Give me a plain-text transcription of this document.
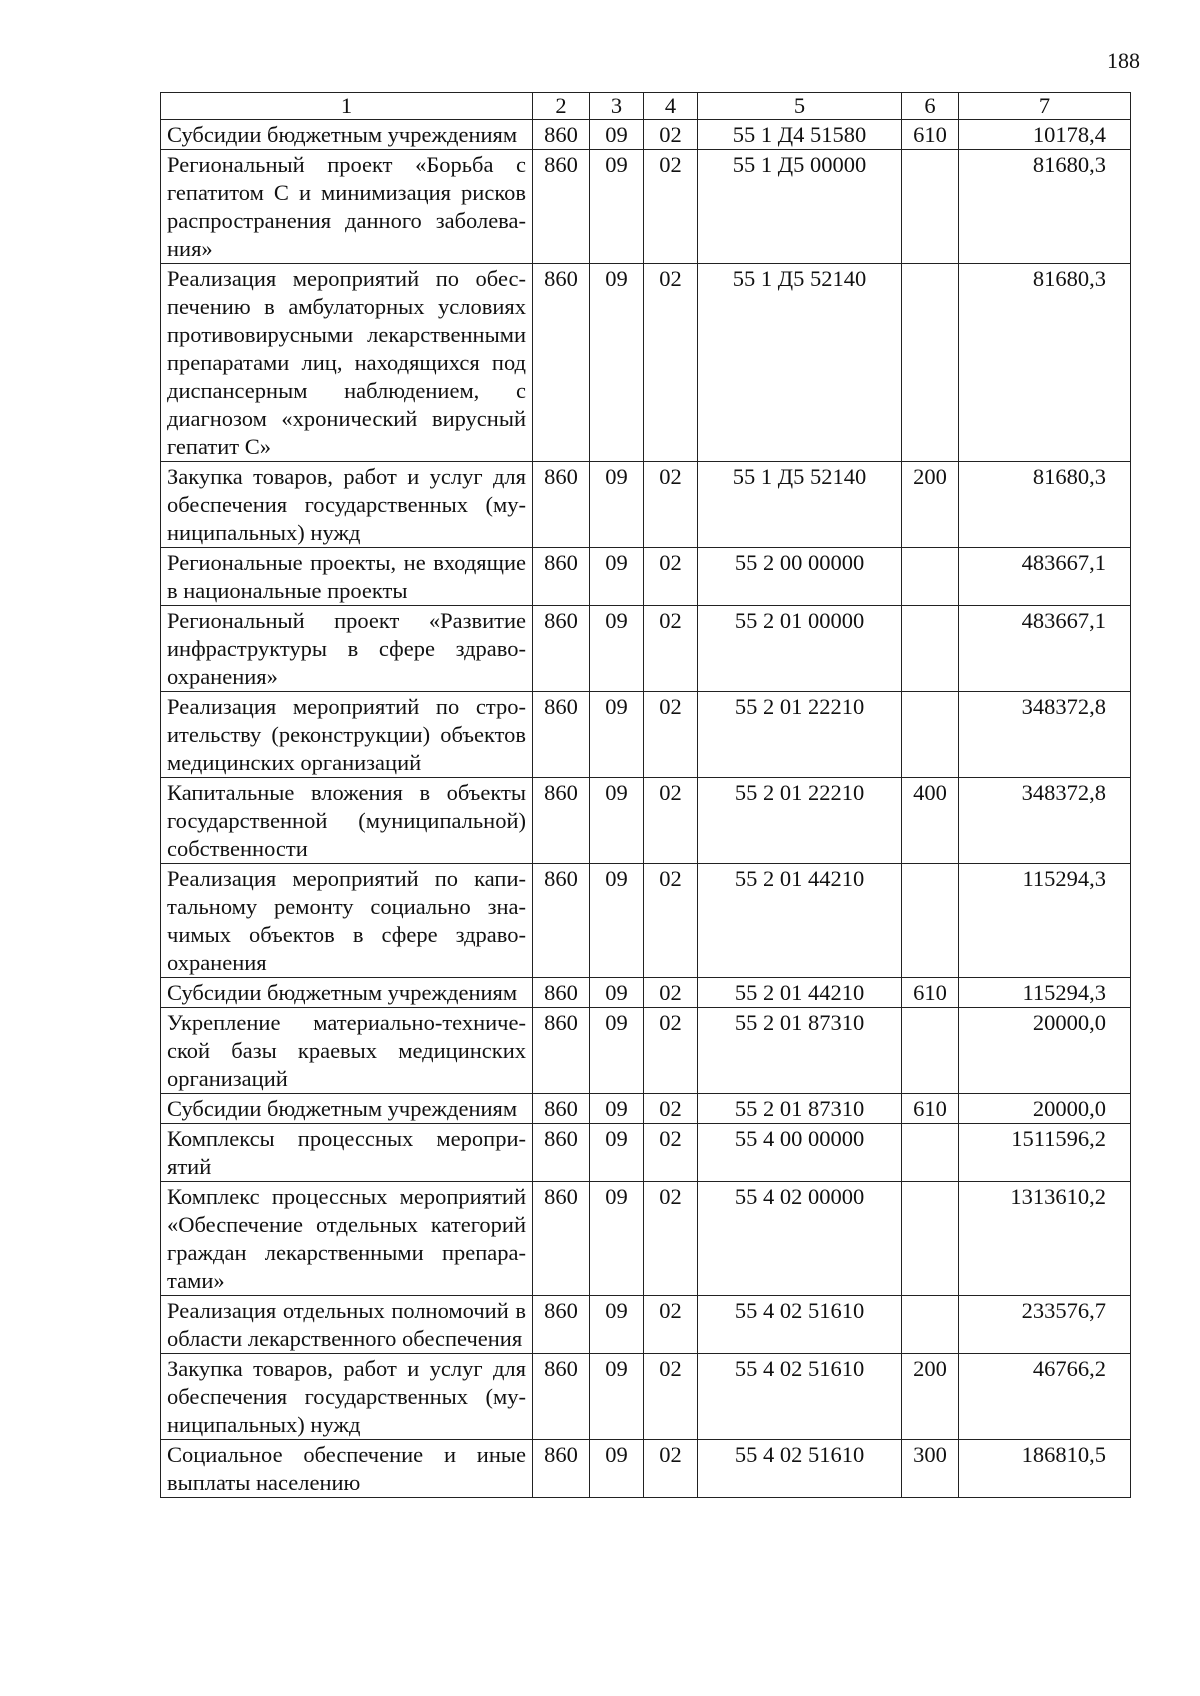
188
1	2	3	4	5	6	7
Субсидии бюджетным учреждениям	860	09	02	55 1 Д4 51580	610	10178,4
Региональный проект «Борьба с гепатитом С и минимизация рисков распространения данного заболевания»	860	09	02	55 1 Д5 00000		81680,3
Реализация мероприятий по обеспечению в амбулаторных условиях противовирусными лекарственными препаратами лиц, находящихся под диспансерным наблюдением, с диагнозом «хронический вирусный гепатит С»	860	09	02	55 1 Д5 52140		81680,3
Закупка товаров, работ и услуг для обеспечения государственных (муниципальных) нужд	860	09	02	55 1 Д5 52140	200	81680,3
Региональные проекты, не входящие в национальные проекты	860	09	02	55 2 00 00000		483667,1
Региональный проект «Развитие инфраструктуры в сфере здравоохранения»	860	09	02	55 2 01 00000		483667,1
Реализация мероприятий по строительству (реконструкции) объектов медицинских организаций	860	09	02	55 2 01 22210		348372,8
Капитальные вложения в объекты государственной (муниципальной) собственности	860	09	02	55 2 01 22210	400	348372,8
Реализация мероприятий по капитальному ремонту социально значимых объектов в сфере здравоохранения	860	09	02	55 2 01 44210		115294,3
Субсидии бюджетным учреждениям	860	09	02	55 2 01 44210	610	115294,3
Укрепление материально-технической базы краевых медицинских организаций	860	09	02	55 2 01 87310		20000,0
Субсидии бюджетным учреждениям	860	09	02	55 2 01 87310	610	20000,0
Комплексы процессных мероприятий	860	09	02	55 4 00 00000		1511596,2
Комплекс процессных мероприятий «Обеспечение отдельных категорий граждан лекарственными препаратами»	860	09	02	55 4 02 00000		1313610,2
Реализация отдельных полномочий в области лекарственного обеспечения	860	09	02	55 4 02 51610		233576,7
Закупка товаров, работ и услуг для обеспечения государственных (муниципальных) нужд	860	09	02	55 4 02 51610	200	46766,2
Социальное обеспечение и иные выплаты населению	860	09	02	55 4 02 51610	300	186810,5
